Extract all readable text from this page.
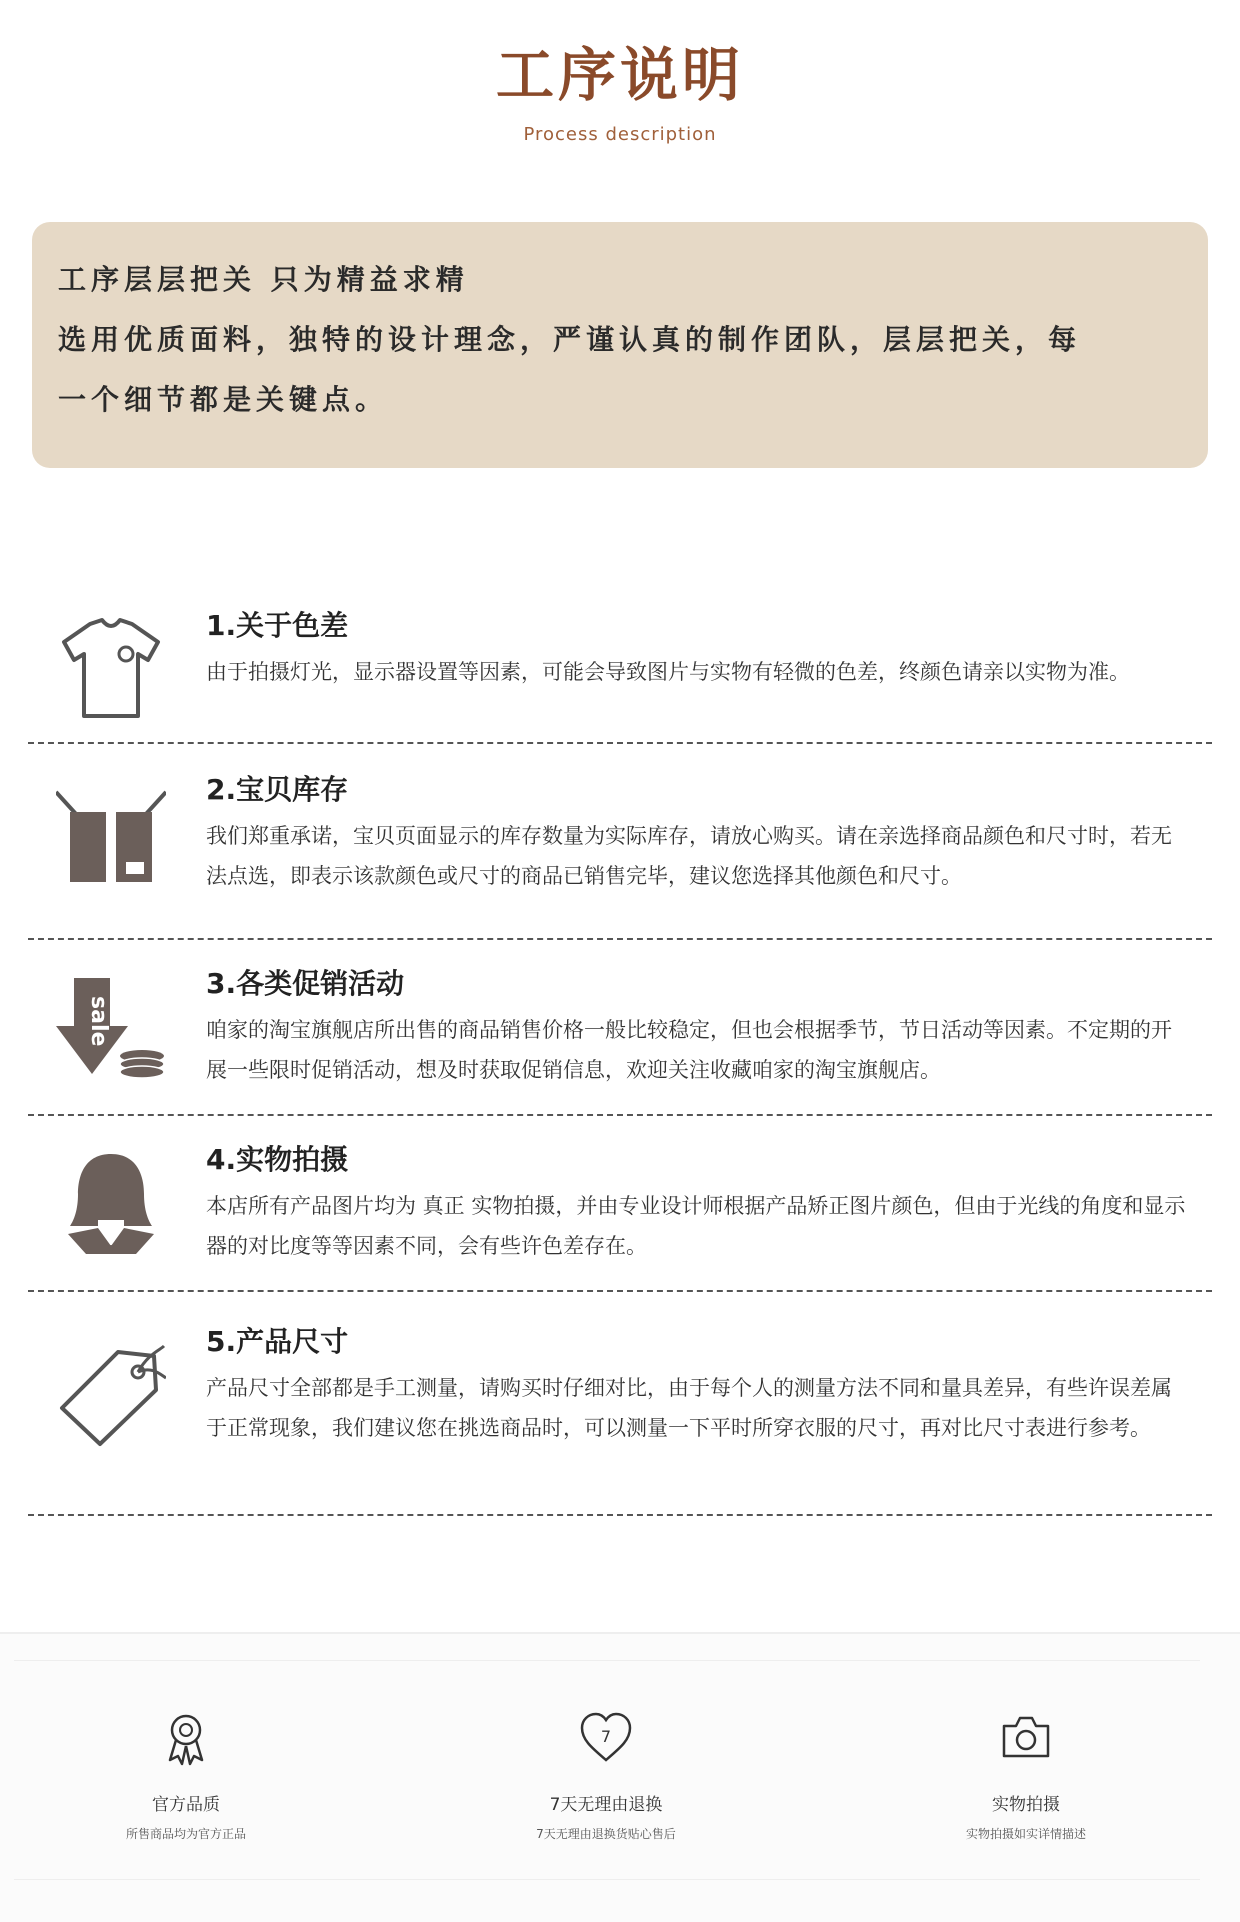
工序说明
Process description

工序层层把关 只为精益求精

选用优质面料，独特的设计理念，严谨认真的制作团队，层层把关，每

一个细节都是关键点。

1.关于色差

由于拍摄灯光，显示器设置等因素，可能会导致图片与实物有轻微的色差，终颜色请亲以实物为准。

2.宝贝库存

我们郑重承诺，宝贝页面显示的库存数量为实际库存，请放心购买。请在亲选择商品颜色和尺寸时，若无法点选，即表示该款颜色或尺寸的商品已销售完毕，建议您选择其他颜色和尺寸。

sale
3.各类促销活动

咱家的淘宝旗舰店所出售的商品销售价格一般比较稳定，但也会根据季节，节日活动等因素。不定期的开展一些限时促销活动，想及时获取促销信息，欢迎关注收藏咱家的淘宝旗舰店。

4.实物拍摄

本店所有产品图片均为 真正 实物拍摄，并由专业设计师根据产品矫正图片颜色，但由于光线的角度和显示器的对比度等等因素不同，会有些许色差存在。

5.产品尺寸

产品尺寸全部都是手工测量，请购买时仔细对比，由于每个人的测量方法不同和量具差异，有些许误差属于正常现象，我们建议您在挑选商品时，可以测量一下平时所穿衣服的尺寸，再对比尺寸表进行参考。

官方品质
所售商品均为官方正品
7
7天无理由退换
7天无理由退换货贴心售后
实物拍摄
实物拍摄如实详情描述
